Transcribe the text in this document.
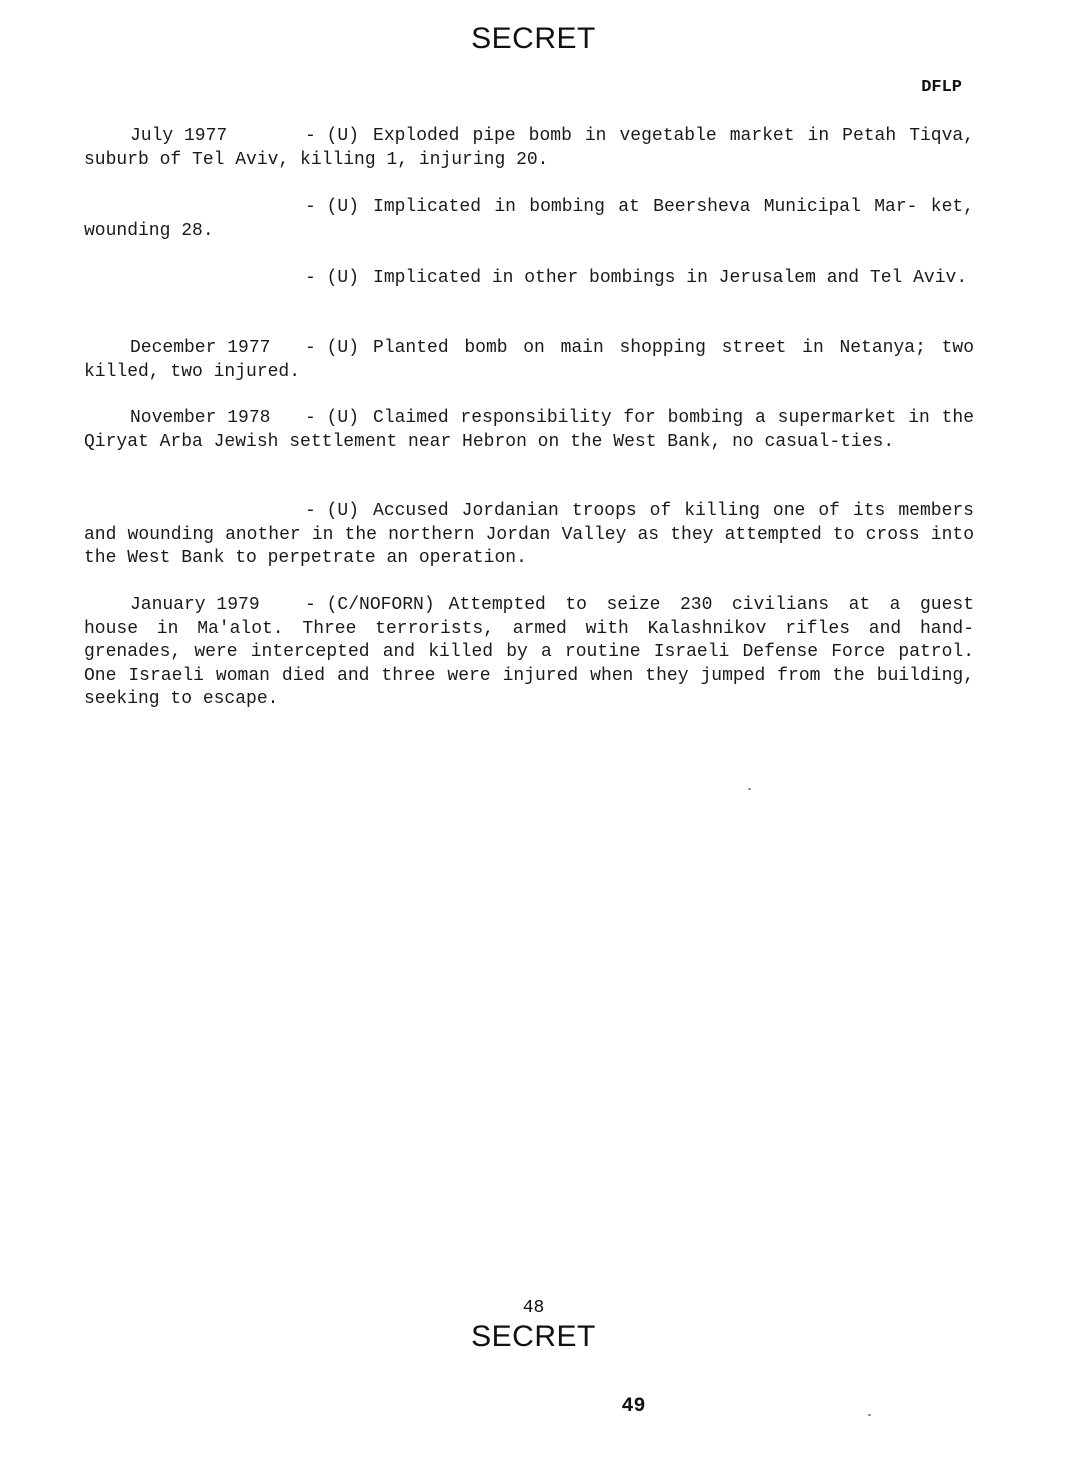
SECRET
DFLP

July 1977	- (U) Exploded pipe bomb in vegetable market in Petah Tiqva, suburb of Tel Aviv, killing 1, injuring 20.

- (U) Implicated in bombing at Beersheva Municipal Mar- ket, wounding 28.

- (U) Implicated in other bombings in Jerusalem and Tel Aviv.

December 1977 - (U) Planted bomb on main shopping street in Netanya; two killed, two injured.

November 1978 - (U) Claimed responsibility for bombing a supermarket in the Qiryat Arba Jewish settlement near Hebron on the West Bank, no casual-ties.

- (U) Accused Jordanian troops of killing one of its members and wounding another in the northern Jordan Valley as they attempted to cross into the West Bank to perpetrate an operation.

January 1979	- (C/NOFORN) Attempted to seize 230 civilians at a guest house in Ma'alot. Three terrorists, armed with Kalashnikov rifles and hand-grenades, were intercepted and killed by a routine Israeli Defense Force patrol. One Israeli woman died and three were injured when they jumped from the building, seeking to escape.

48
SECRET
49
